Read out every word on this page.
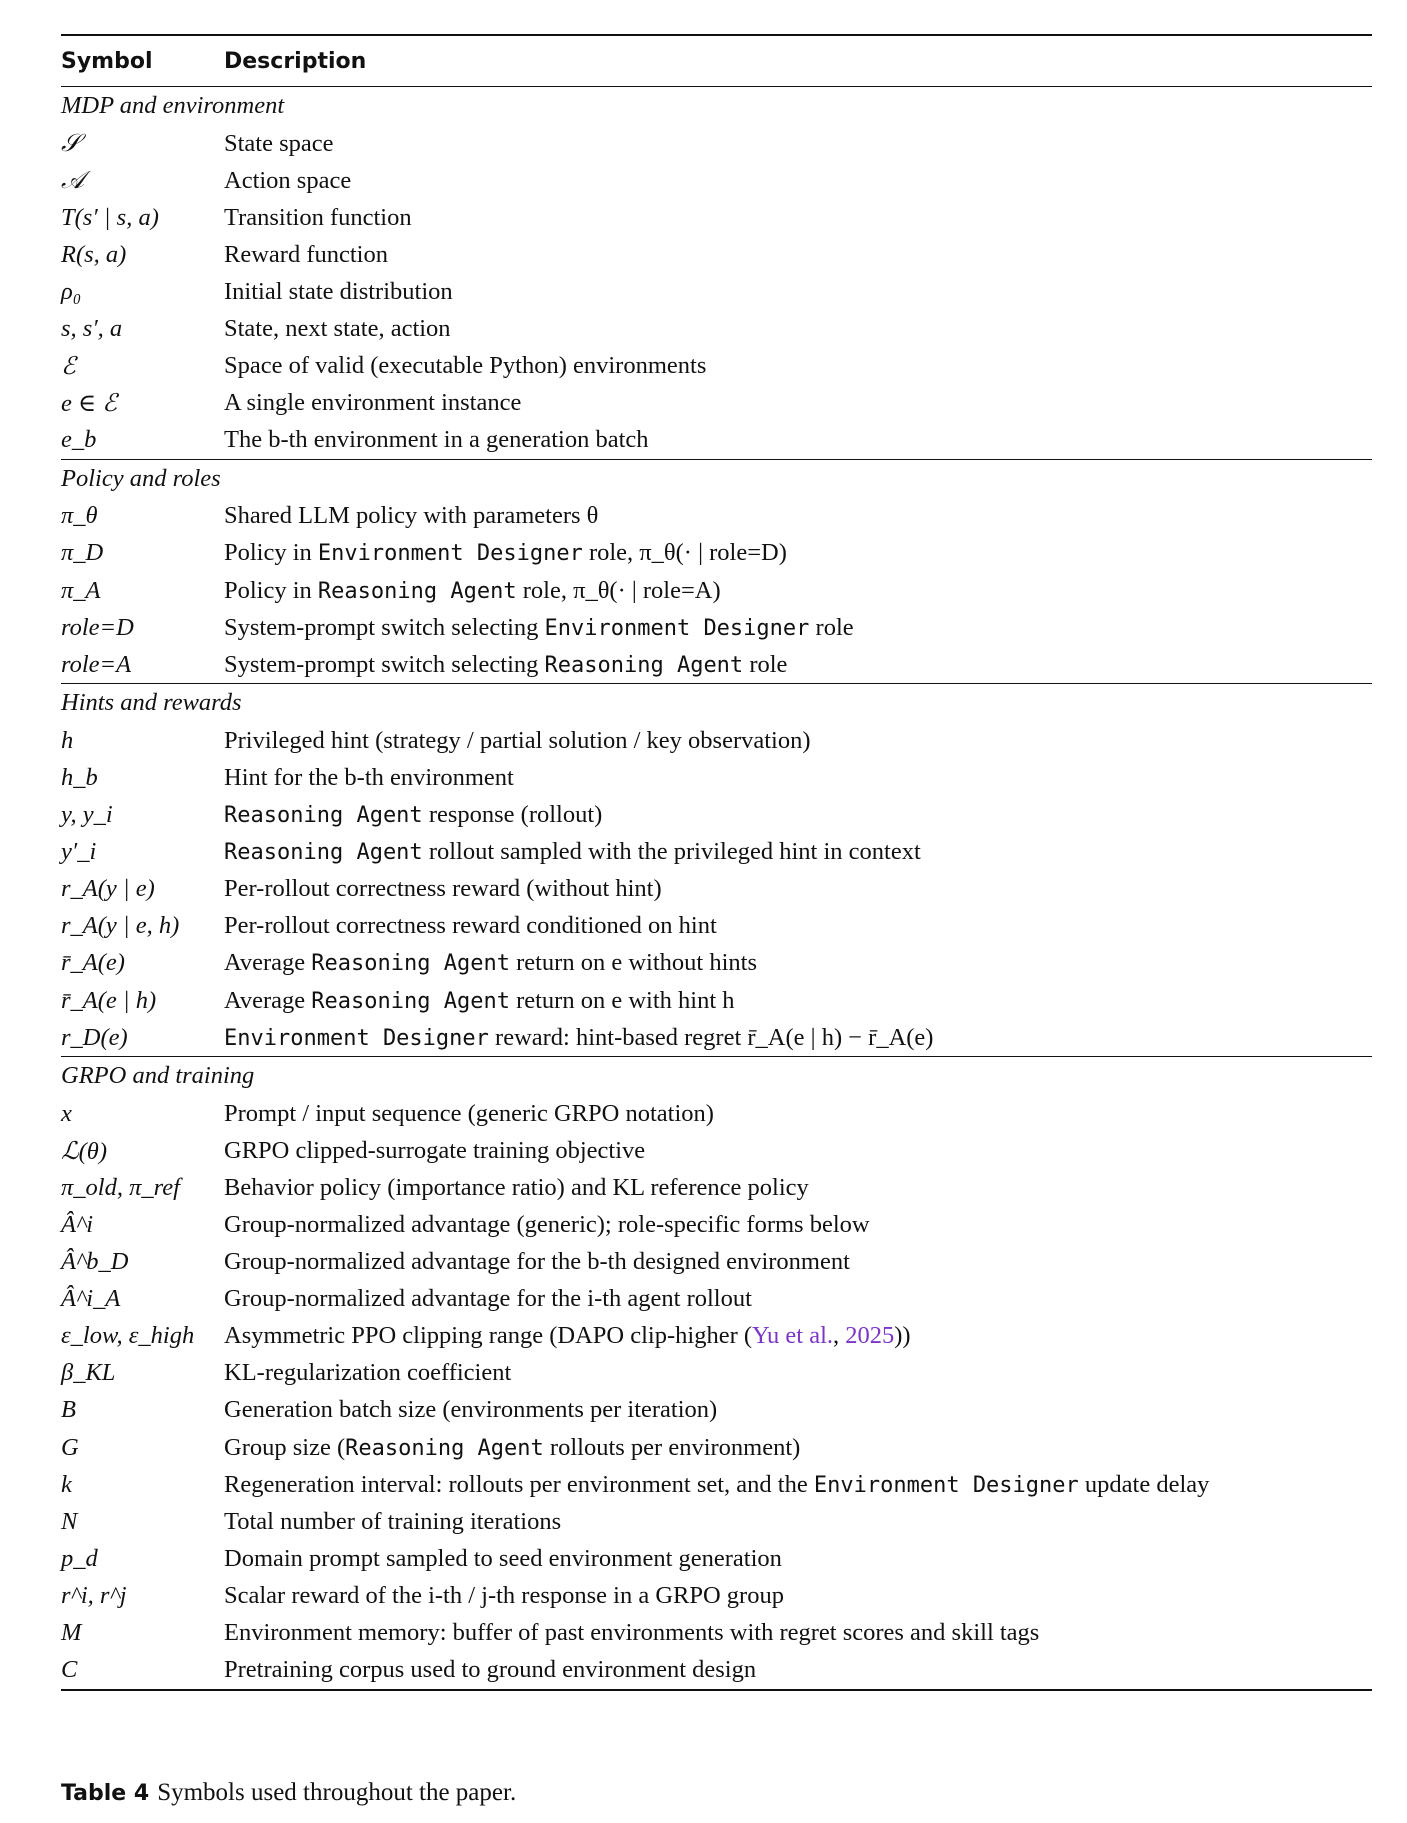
Symbol	Description
MDP and environment	
𝒮	State space
𝒜	Action space
T(s′ | s, a)	Transition function
R(s, a)	Reward function
ρ₀	Initial state distribution
s, s′, a	State, next state, action
ℰ	Space of valid (executable Python) environments
e ∈ ℰ	A single environment instance
e_b	The b-th environment in a generation batch
Policy and roles	
π_θ	Shared LLM policy with parameters θ
π_D	Policy in Environment Designer role, π_θ(· | role=D)
π_A	Policy in Reasoning Agent role, π_θ(· | role=A)
role=D	System-prompt switch selecting Environment Designer role
role=A	System-prompt switch selecting Reasoning Agent role
Hints and rewards	
h	Privileged hint (strategy / partial solution / key observation)
h_b	Hint for the b-th environment
y, y_i	Reasoning Agent response (rollout)
y′_i	Reasoning Agent rollout sampled with the privileged hint in context
r_A(y | e)	Per-rollout correctness reward (without hint)
r_A(y | e, h)	Per-rollout correctness reward conditioned on hint
r̄_A(e)	Average Reasoning Agent return on e without hints
r̄_A(e | h)	Average Reasoning Agent return on e with hint h
r_D(e)	Environment Designer reward: hint-based regret r̄_A(e | h) − r̄_A(e)
GRPO and training	
x	Prompt / input sequence (generic GRPO notation)
ℒ(θ)	GRPO clipped-surrogate training objective
π_old, π_ref	Behavior policy (importance ratio) and KL reference policy
Â^i	Group-normalized advantage (generic); role-specific forms below
Â^b_D	Group-normalized advantage for the b-th designed environment
Â^i_A	Group-normalized advantage for the i-th agent rollout
ε_low, ε_high	Asymmetric PPO clipping range (DAPO clip-higher (Yu et al., 2025))
β_KL	KL-regularization coefficient
B	Generation batch size (environments per iteration)
G	Group size (Reasoning Agent rollouts per environment)
k	Regeneration interval: rollouts per environment set, and the Environment Designer update delay
N	Total number of training iterations
p_d	Domain prompt sampled to seed environment generation
r^i, r^j	Scalar reward of the i-th / j-th response in a GRPO group
M	Environment memory: buffer of past environments with regret scores and skill tags
C	Pretraining corpus used to ground environment design
Table 4 Symbols used throughout the paper.
